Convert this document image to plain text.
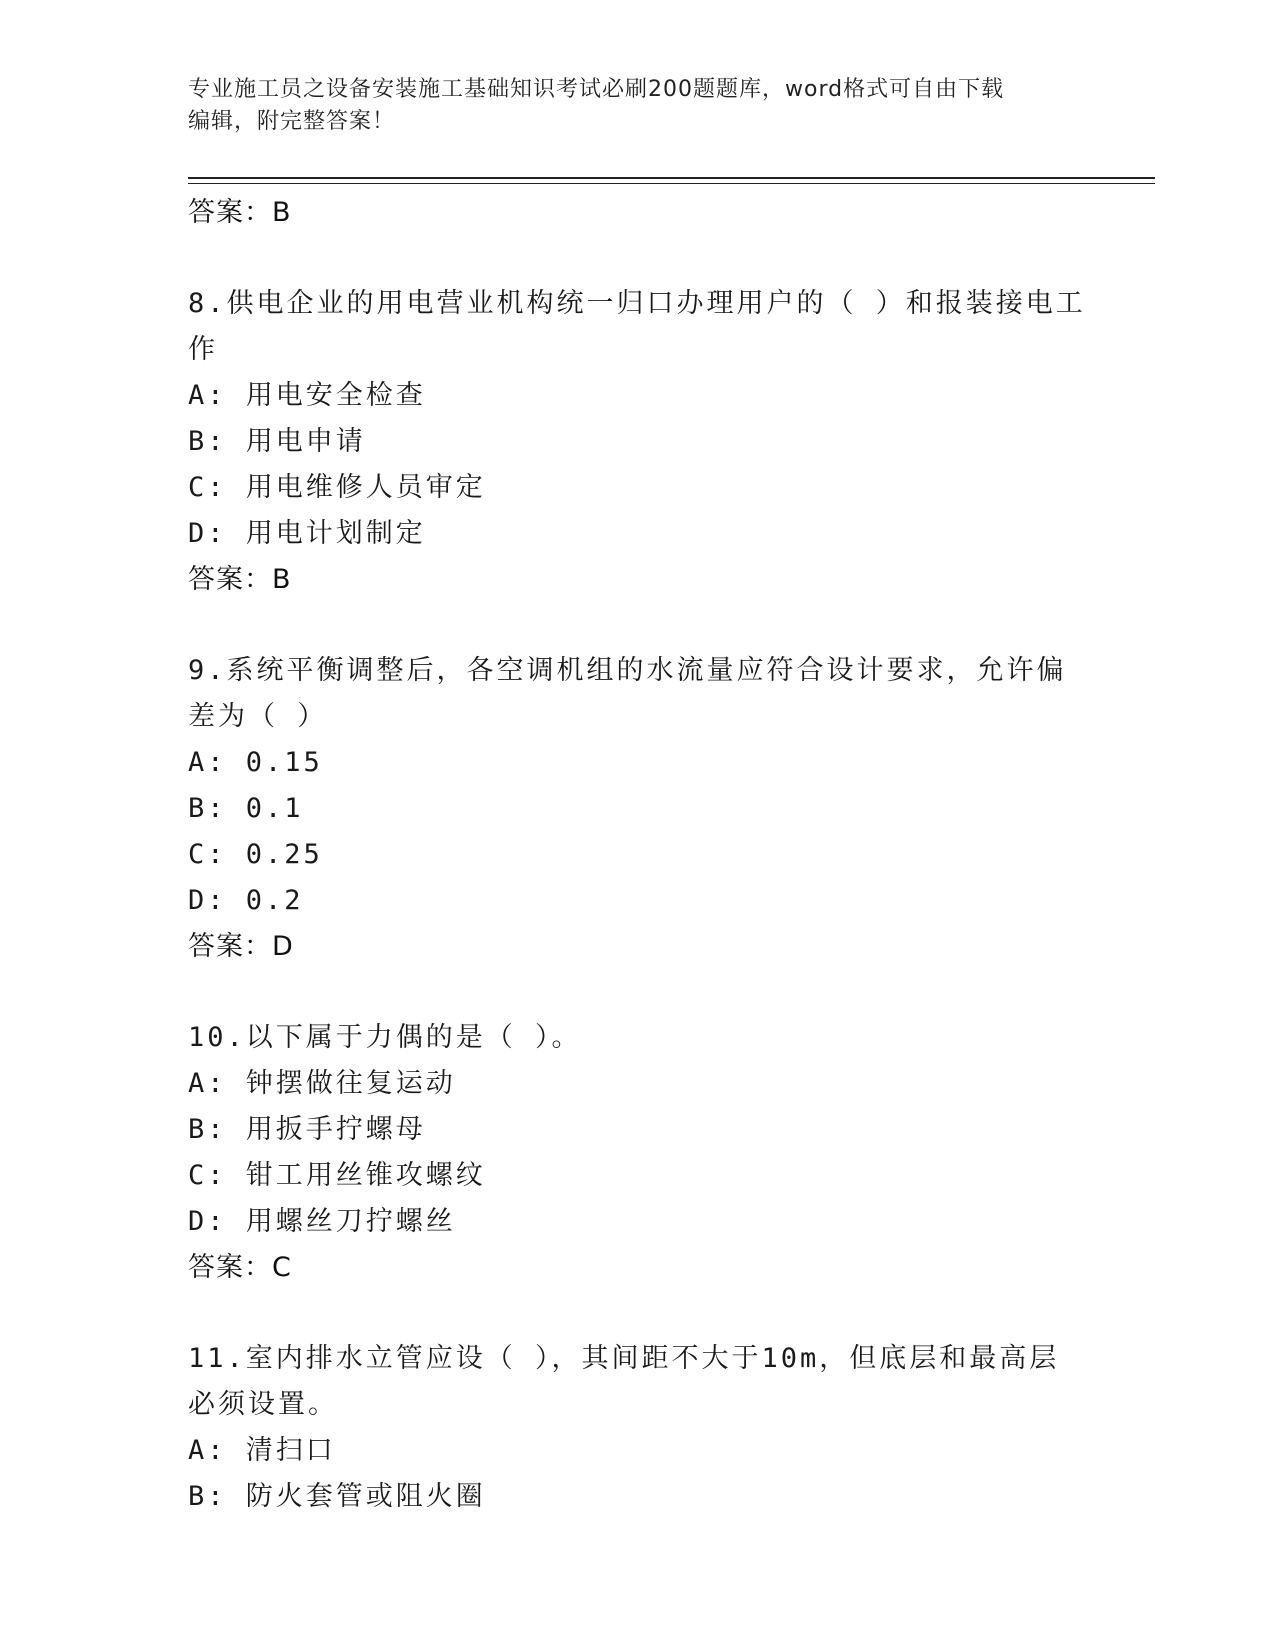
专业施工员之设备安装施工基础知识考试必刷200题题库，word格式可自由下载
编辑，附完整答案！
答案：B
8.供电企业的用电营业机构统一归口办理用户的（ ）和报装接电工作
A: 用电安全检查
B: 用电申请
C: 用电维修人员审定
D: 用电计划制定
答案：B
9.系统平衡调整后，各空调机组的水流量应符合设计要求，允许偏差为（ ）
A: 0.15
B: 0.1
C: 0.25
D: 0.2
答案：D
10.以下属于力偶的是（ ）。
A: 钟摆做往复运动
B: 用扳手拧螺母
C: 钳工用丝锥攻螺纹
D: 用螺丝刀拧螺丝
答案：C
11.室内排水立管应设（ ），其间距不大于10m，但底层和最高层必须设置。
A: 清扫口
B: 防火套管或阻火圈
